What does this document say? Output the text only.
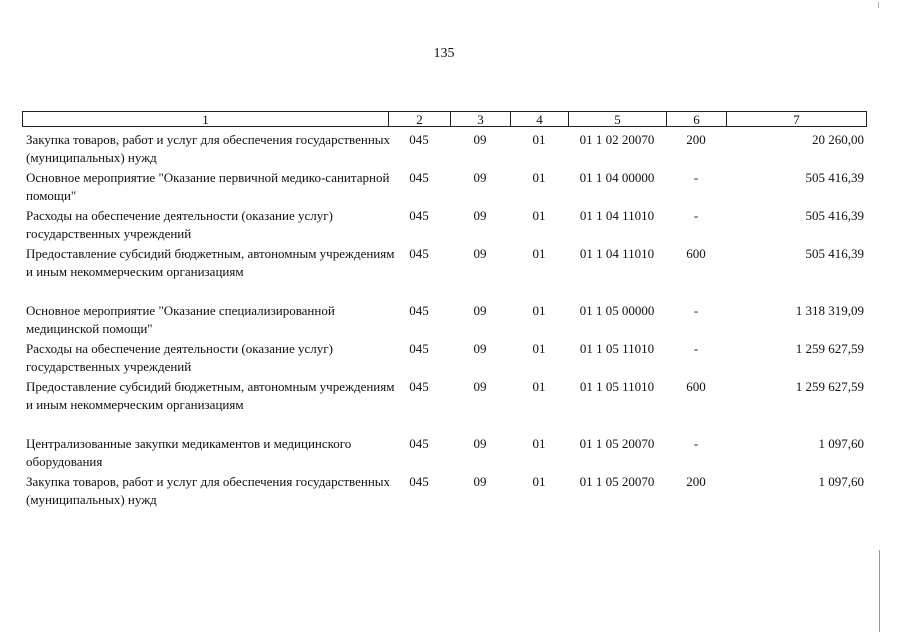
135
1	2	3	4	5	6	7
Закупка товаров, работ и услуг для обеспечения государственных (муниципальных) нужд
045	09	01	01 1 02 20070	200	20 260,00
Основное мероприятие "Оказание первичной медико-санитарной помощи"
045	09	01	01 1 04 00000	-	505 416,39
Расходы на обеспечение деятельности (оказание услуг) государственных учреждений
045	09	01	01 1 04 11010	-	505 416,39
Предоставление субсидий бюджетным, автономным учреждениям и иным некоммерческим организациям
045	09	01	01 1 04 11010	600	505 416,39
Основное мероприятие "Оказание специализированной медицинской помощи"
045	09	01	01 1 05 00000	-	1 318 319,09
Расходы на обеспечение деятельности (оказание услуг) государственных учреждений
045	09	01	01 1 05 11010	-	1 259 627,59
Предоставление субсидий бюджетным, автономным учреждениям и иным некоммерческим организациям
045	09	01	01 1 05 11010	600	1 259 627,59
Централизованные закупки медикаментов и медицинского оборудования
045	09	01	01 1 05 20070	-	1 097,60
Закупка товаров, работ и услуг для обеспечения государственных (муниципальных) нужд
045	09	01	01 1 05 20070	200	1 097,60
